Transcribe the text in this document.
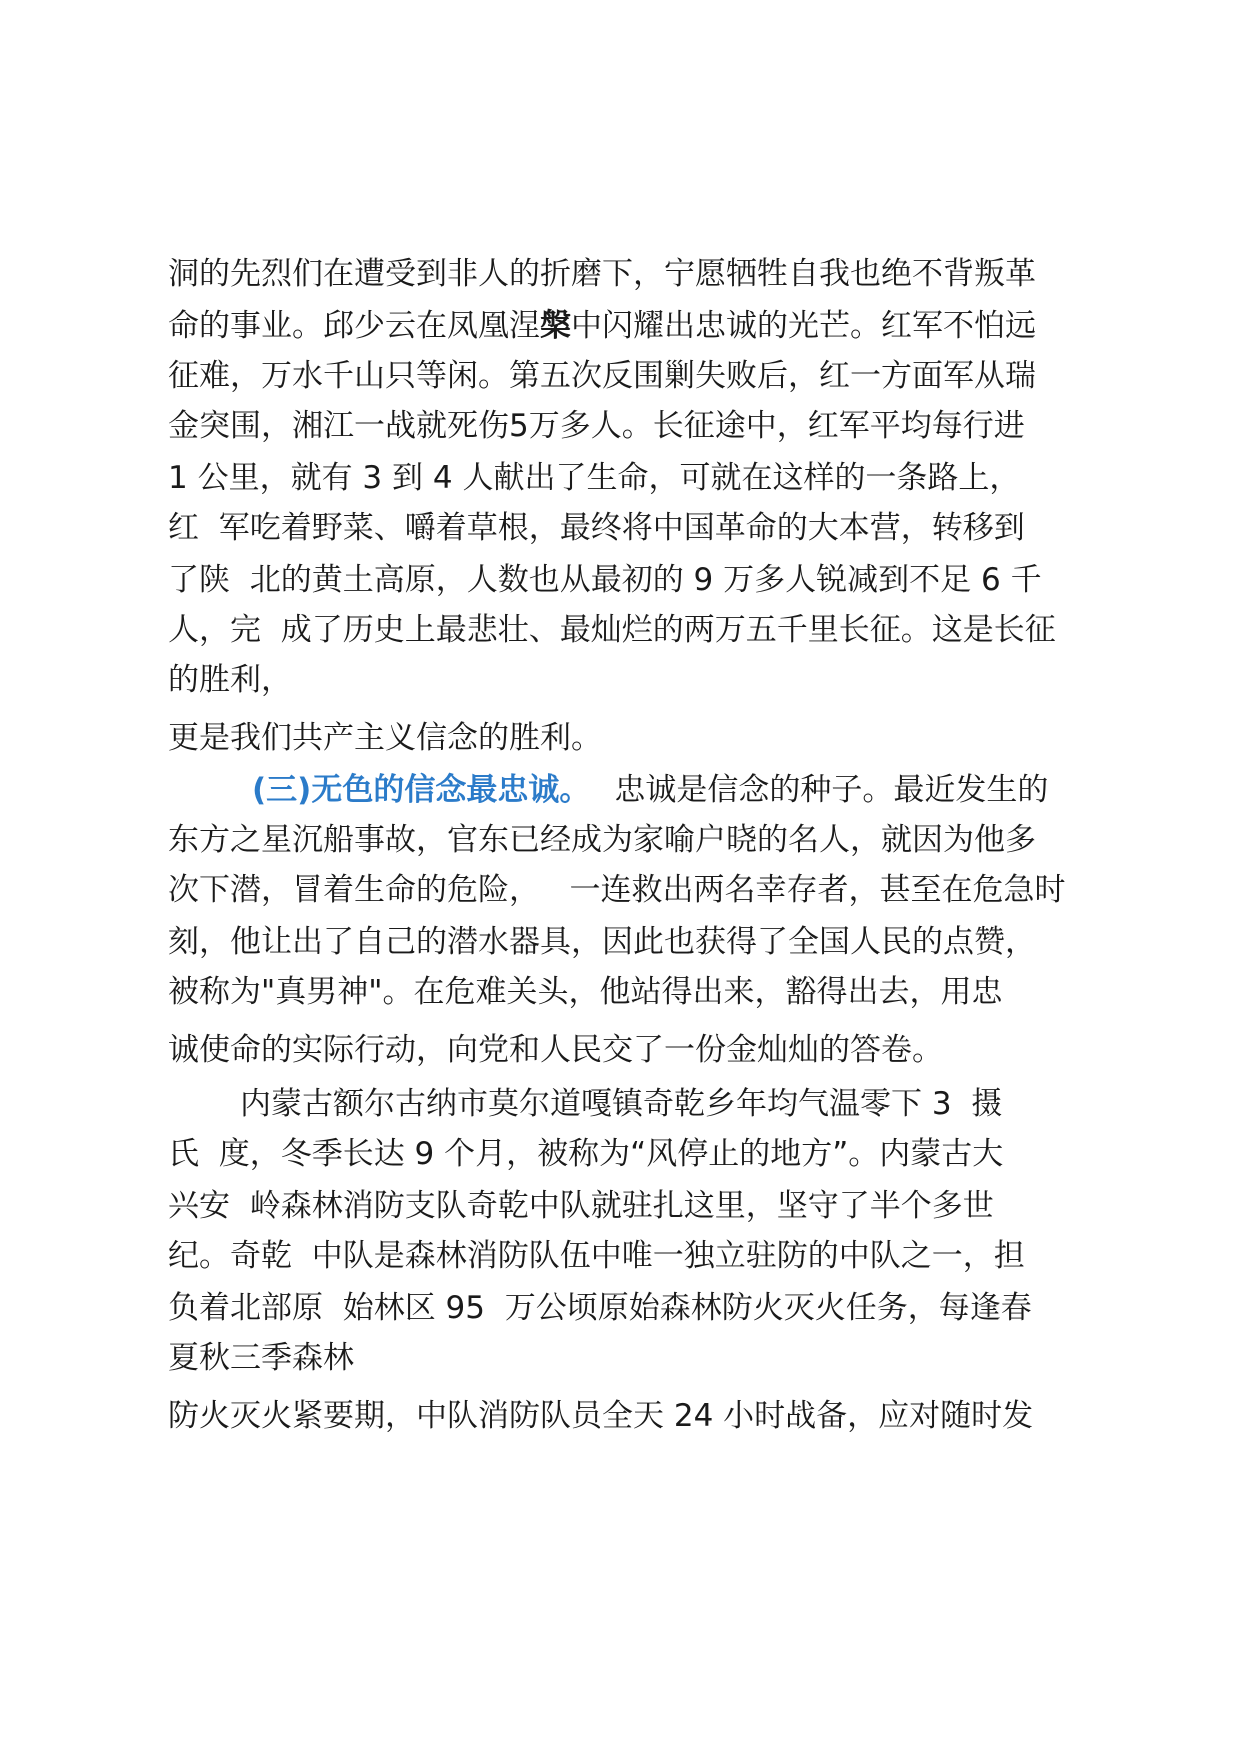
洞的先烈们在遭受到非人的折磨下，宁愿牺牲自我也绝不背叛革
命的事业。邱少云在凤凰涅槃中闪耀出忠诚的光芒。红军不怕远
征难，万水千山只等闲。第五次反围剿失败后，红一方面军从瑞
金突围，湘江一战就死伤5万多人。长征途中，红军平均每行进
1 公里，就有 3 到 4 人献出了生命，可就在这样的一条路上，
红  军吃着野菜、嚼着草根，最终将中国革命的大本营，转移到
了陕  北的黄土高原，人数也从最初的 9 万多人锐减到不足 6 千
人，完  成了历史上最悲壮、最灿烂的两万五千里长征。这是长征
的胜利，
更是我们共产主义信念的胜利。
(三)无色的信念最忠诚。 忠诚是信念的种子。最近发生的
东方之星沉船事故，官东已经成为家喻户晓的名人，就因为他多
次下潜，冒着生命的危险，   一连救出两名幸存者，甚至在危急时
刻，他让出了自己的潜水器具，因此也获得了全国人民的点赞，
被称为"真男神"。在危难关头，他站得出来，豁得出去，用忠
诚使命的实际行动，向党和人民交了一份金灿灿的答卷。
内蒙古额尔古纳市莫尔道嘎镇奇乾乡年均气温零下 3  摄
氏  度，冬季长达 9 个月，被称为“风停止的地方”。内蒙古大
兴安  岭森林消防支队奇乾中队就驻扎这里，坚守了半个多世
纪。奇乾  中队是森林消防队伍中唯一独立驻防的中队之一，担
负着北部原  始林区 95  万公顷原始森林防火灭火任务，每逢春
夏秋三季森林
防火灭火紧要期，中队消防队员全天 24 小时战备，应对随时发
